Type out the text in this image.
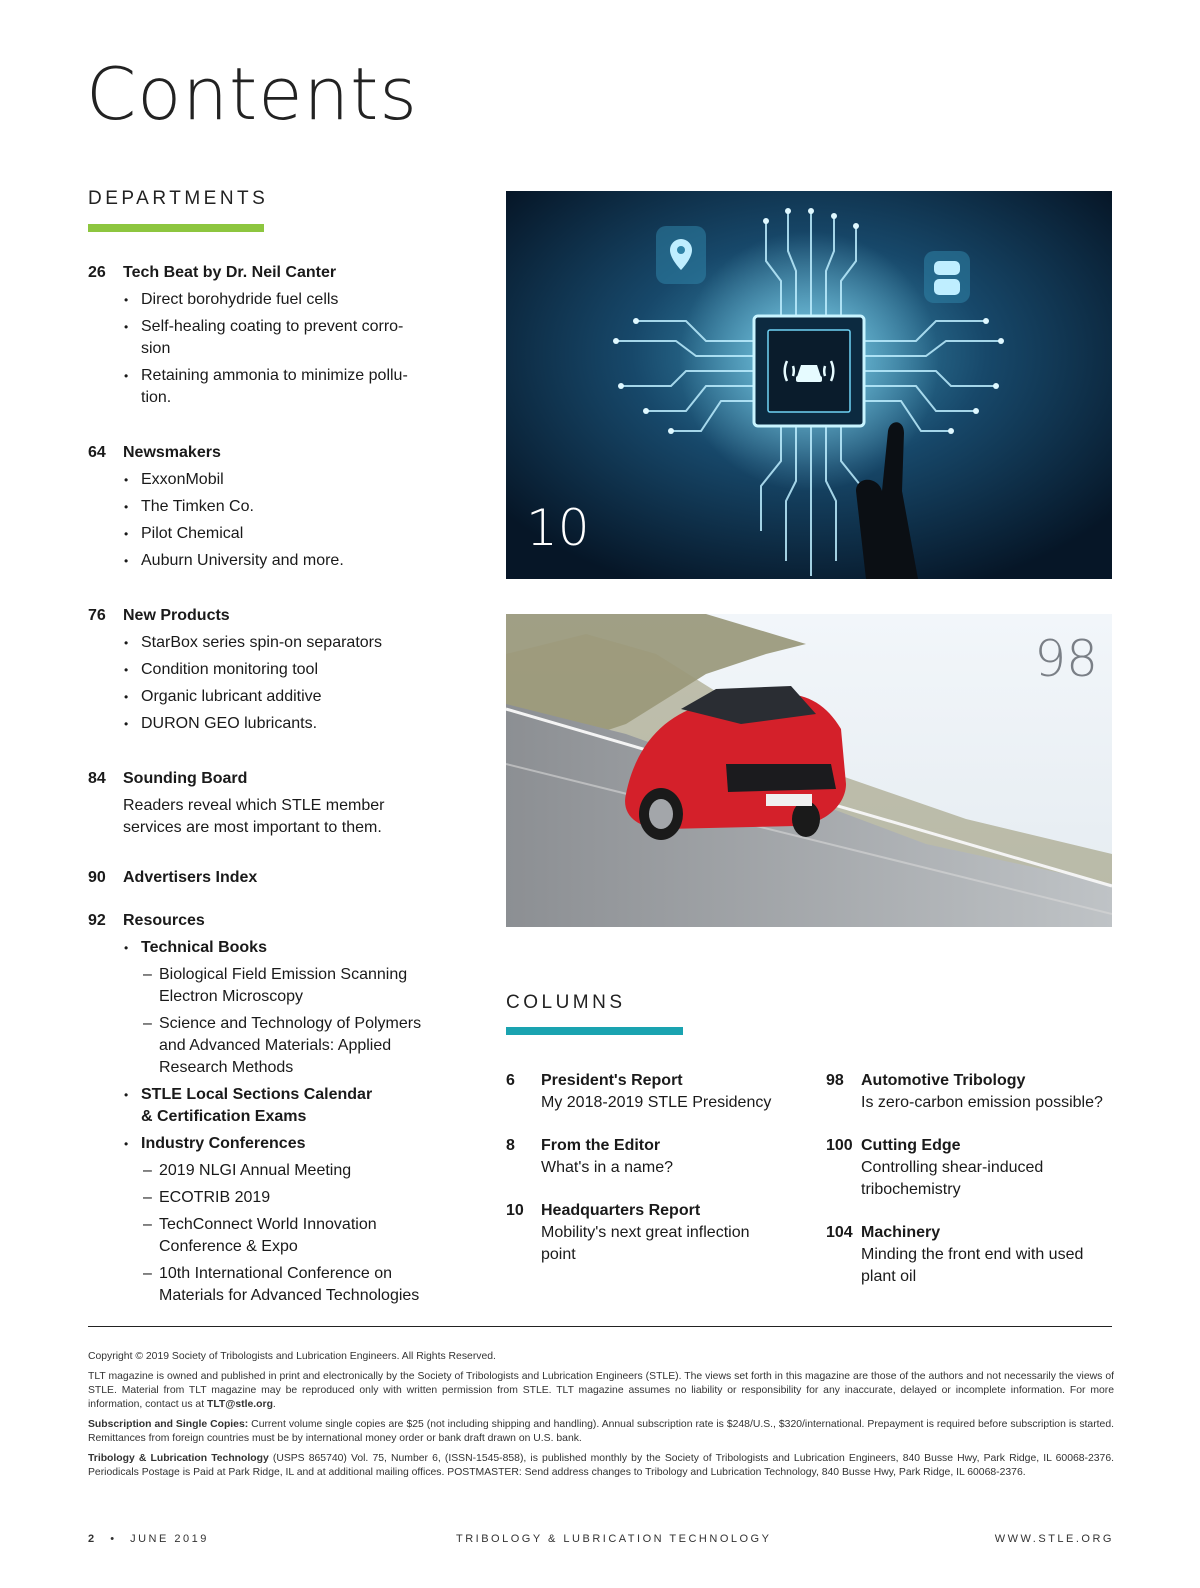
Contents
DEPARTMENTS
26	Tech Beat by Dr. Neil Canter
• Direct borohydride fuel cells
• Self-healing coating to prevent corro-sion
• Retaining ammonia to minimize pollu-tion.
64	Newsmakers
• ExxonMobil
• The Timken Co.
• Pilot Chemical
• Auburn University and more.
76	New Products
• StarBox series spin-on separators
• Condition monitoring tool
• Organic lubricant additive
• DURON GEO lubricants.
84	Sounding Board

Readers reveal which STLE member services are most important to them.

90	Advertisers Index
92	Resources
• Technical Books
– Biological Field Emission Scanning Electron Microscopy
– Science and Technology of Polymers and Advanced Materials: Applied Research Methods
• STLE Local Sections Calendar & Certification Exams
• Industry Conferences
– 2019 NLGI Annual Meeting
– ECOTRIB 2019
– TechConnect World Innovation Conference & Expo
– 10th International Conference on Materials for Advanced Technologies
10
98
COLUMNS
6	President's Report
My 2018-2019 STLE Presidency
8	From the Editor
What's in a name?
10	Headquarters Report
Mobility's next great inflection point
98	Automotive Tribology
Is zero-carbon emission possible?
100 Cutting Edge
Controlling shear-induced tribochemistry
104 Machinery
Minding the front end with used plant oil

Copyright © 2019 Society of Tribologists and Lubrication Engineers. All Rights Reserved.

TLT magazine is owned and published in print and electronically by the Society of Tribologists and Lubrication Engineers (STLE). The views set forth in this magazine are those of the authors and not necessarily the views of STLE. Material from TLT magazine may be reproduced only with written permission from STLE. TLT magazine assumes no liability or responsibility for any inaccurate, delayed or incomplete information. For more information, contact us at TLT@stle.org.

Subscription and Single Copies: Current volume single copies are $25 (not including shipping and handling). Annual subscription rate is $248/U.S., $320/international. Prepayment is required before subscription is started. Remittances from foreign countries must be by international money order or bank draft drawn on U.S. bank.

Tribology & Lubrication Technology (USPS 865740) Vol. 75, Number 6, (ISSN-1545-858), is published monthly by the Society of Tribologists and Lubrication Engineers, 840 Busse Hwy, Park Ridge, IL 60068-2376. Periodicals Postage is Paid at Park Ridge, IL and at additional mailing offices. POSTMASTER: Send address changes to Tribology and Lubrication Technology, 840 Busse Hwy, Park Ridge, IL 60068-2376.

2 • JUNE 2019	TRIBOLOGY & LUBRICATION TECHNOLOGY	WWW.STLE.ORG
